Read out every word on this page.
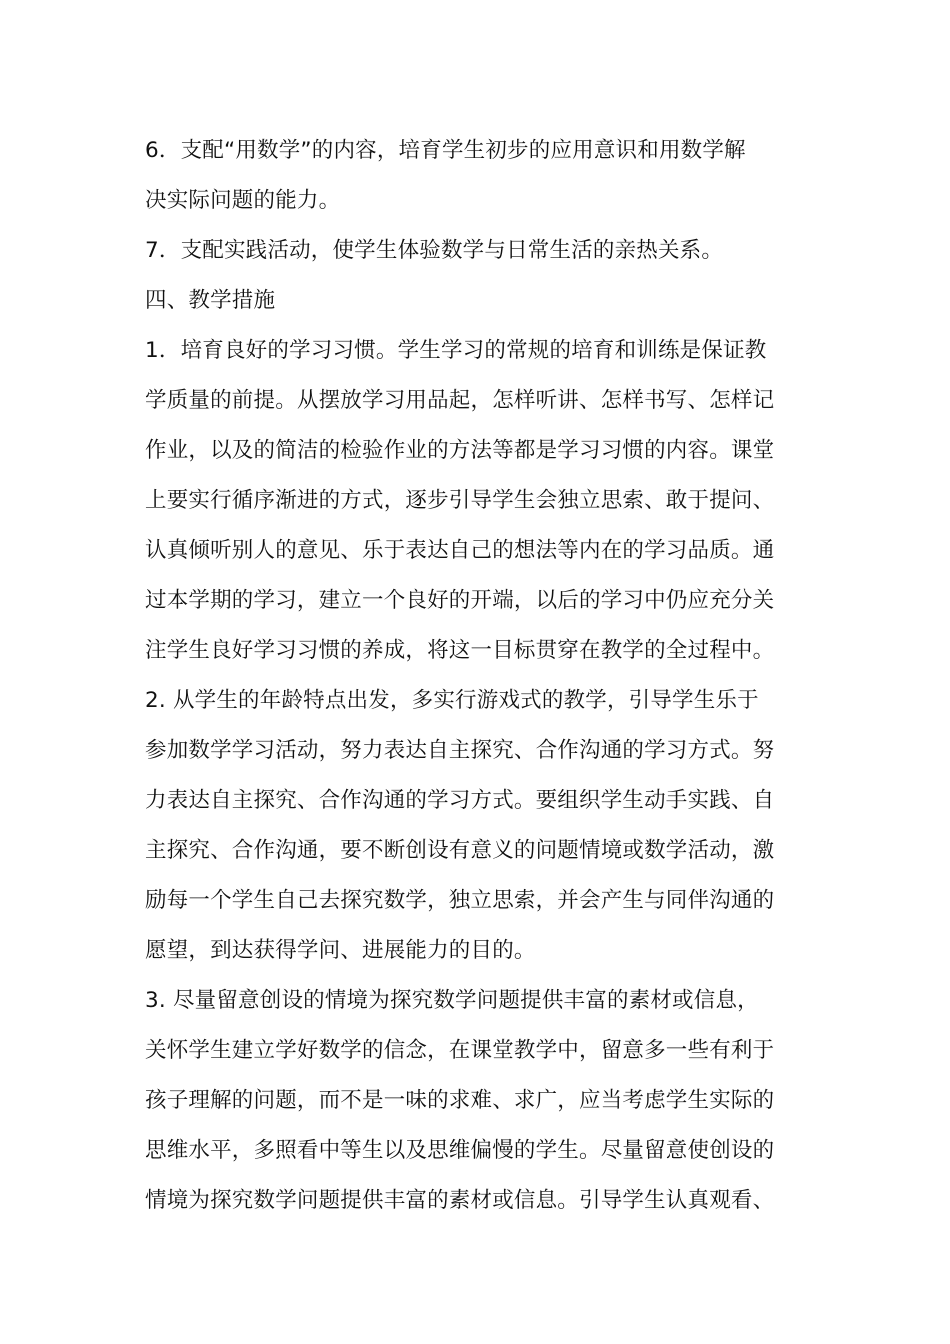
6．支配“用数学”的内容，培育学生初步的应用意识和用数学解
决实际问题的能力。
7．支配实践活动，使学生体验数学与日常生活的亲热关系。
四、教学措施
1．培育良好的学习习惯。学生学习的常规的培育和训练是保证教
学质量的前提。从摆放学习用品起，怎样听讲、怎样书写、怎样记
作业，以及的简洁的检验作业的方法等都是学习习惯的内容。课堂
上要实行循序渐进的方式，逐步引导学生会独立思索、敢于提问、
认真倾听别人的意见、乐于表达自己的想法等内在的学习品质。通
过本学期的学习，建立一个良好的开端，以后的学习中仍应充分关
注学生良好学习习惯的养成，将这一目标贯穿在教学的全过程中。
2. 从学生的年龄特点出发，多实行游戏式的教学，引导学生乐于
参加数学学习活动，努力表达自主探究、合作沟通的学习方式。努
力表达自主探究、合作沟通的学习方式。要组织学生动手实践、自
主探究、合作沟通，要不断创设有意义的问题情境或数学活动，激
励每一个学生自己去探究数学，独立思索，并会产生与同伴沟通的
愿望，到达获得学问、进展能力的目的。
3. 尽量留意创设的情境为探究数学问题提供丰富的素材或信息，
关怀学生建立学好数学的信念，在课堂教学中，留意多一些有利于
孩子理解的问题，而不是一味的求难、求广，应当考虑学生实际的
思维水平，多照看中等生以及思维偏慢的学生。尽量留意使创设的
情境为探究数学问题提供丰富的素材或信息。引导学生认真观看、
